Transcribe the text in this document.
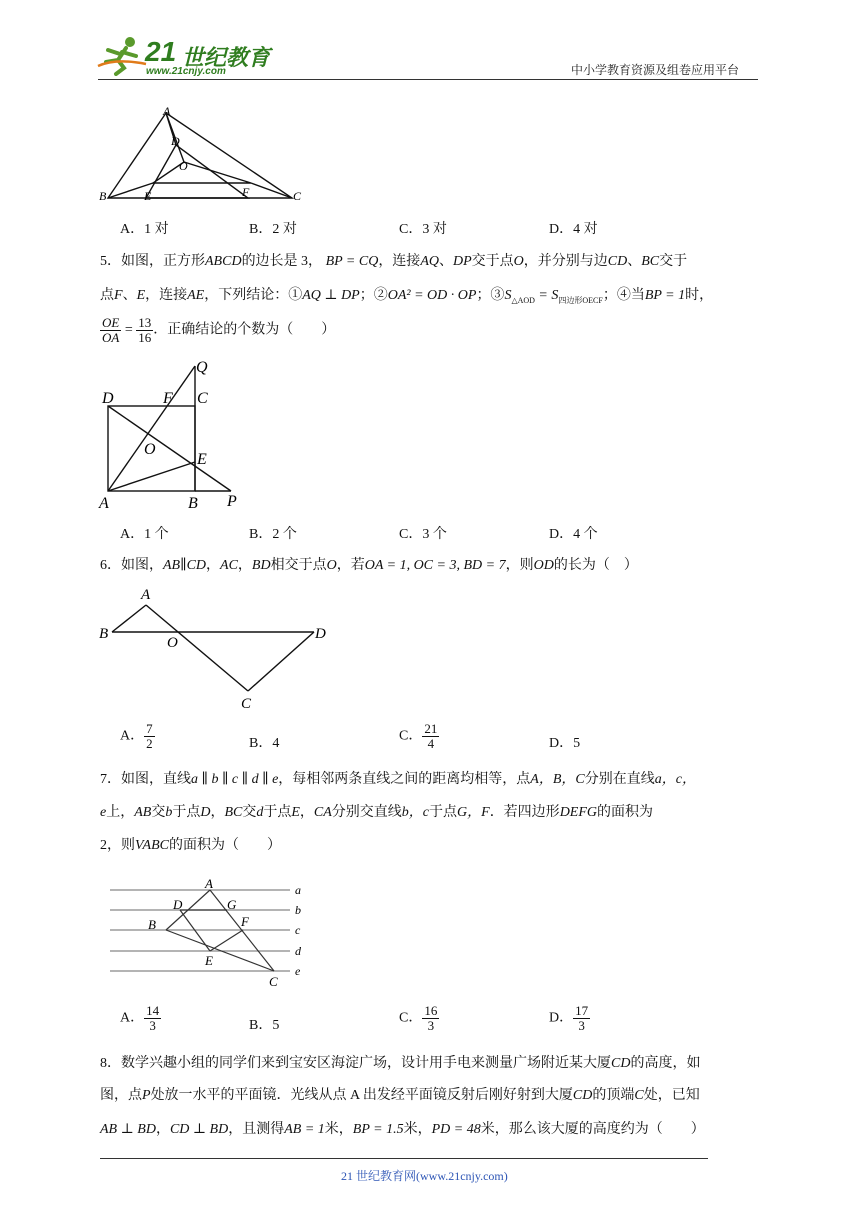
21 世纪教育
www.21cnjy.com	中小学教育资源及组卷应用平台
A
D
O
B	E	F	C
A．1 对	B．2 对	C．3 对	D．4 对
5．如图，正方形ABCD的边长是 3， BP = CQ，连接AQ、DP交于点O，并分别与边CD、BC交于
点F、E，连接AE，下列结论：①AQ ⊥ DP；②OA² = OD · OP；$③S_{\triangle AOD} = S_{四边形OECF}$；④当BP = 1时，
$\frac{OE}{OA} = \frac{13}{16}$ ．正确结论的个数为（　　）
Q
D	F C
O
E
A	B P
A．1 个	B．2 个	C．3 个	D．4 个
6．如图，AB∥CD，AC，BD相交于点O，若OA = 1, OC = 3, BD = 7，则OD的长为（　）
A
B
O
D
C
A． $\frac{7}{2}$	B．4	C． $\frac{21}{4}$	D．5
7．如图，直线a ∥ b ∥ c ∥ d ∥ e，每相邻两条直线之间的距离均相等，点A，B，C分别在直线a，c，
e上，AB交b于点D，BC交d于点E，CA分别交直线b，c于点G，F．若四边形DEFG的面积为
2，则VABC的面积为（　　）
A
D	G
B	F
E
C
a
b
c
d
e
A． $\frac{14}{3}$	B．5	C． $\frac{16}{3}$	D． $\frac{17}{3}$
8．数学兴趣小组的同学们来到宝安区海淀广场，设计用手电来测量广场附近某大厦CD的高度，如
图，点P处放一水平的平面镜．光线从点 A 出发经平面镜反射后刚好射到大厦CD的顶端C处，已知
AB ⊥ BD，CD ⊥ BD，且测得AB = 1米，BP = 1.5米，PD = 48米，那么该大厦的高度约为（　　）
21 世纪教育网(www.21cnjy.com)
